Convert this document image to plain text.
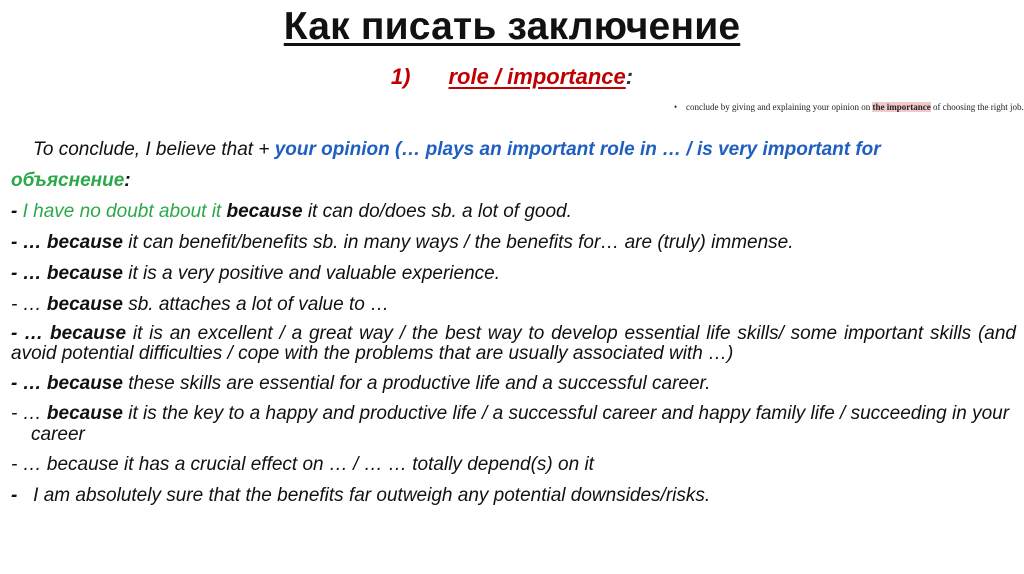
Как писать заключение
1) role / importance:
• conclude by giving and explaining your opinion on the importance of choosing the right job.
To conclude, I believe that + your opinion (… plays an important role in … / is very important for
объяснение:
- I have no doubt about it because it can do/does sb. a lot of good.
- … because it can benefit/benefits sb. in many ways / the benefits for… are (truly) immense.
- … because it is a very positive and valuable experience.
- … because sb. attaches a lot of value to …
- … because it is an excellent / a great way / the best way to develop essential life skills/ some important skills (and avoid potential difficulties / cope with the problems that are usually associated with …)
- … because these skills are essential for a productive life and a successful career.
- … because it is the key to a happy and productive life / a successful career and happy family life / succeeding in your career
- … because it has a crucial effect on … / … … totally depend(s) on it
-   I am absolutely sure that the benefits far outweigh any potential downsides/risks.
